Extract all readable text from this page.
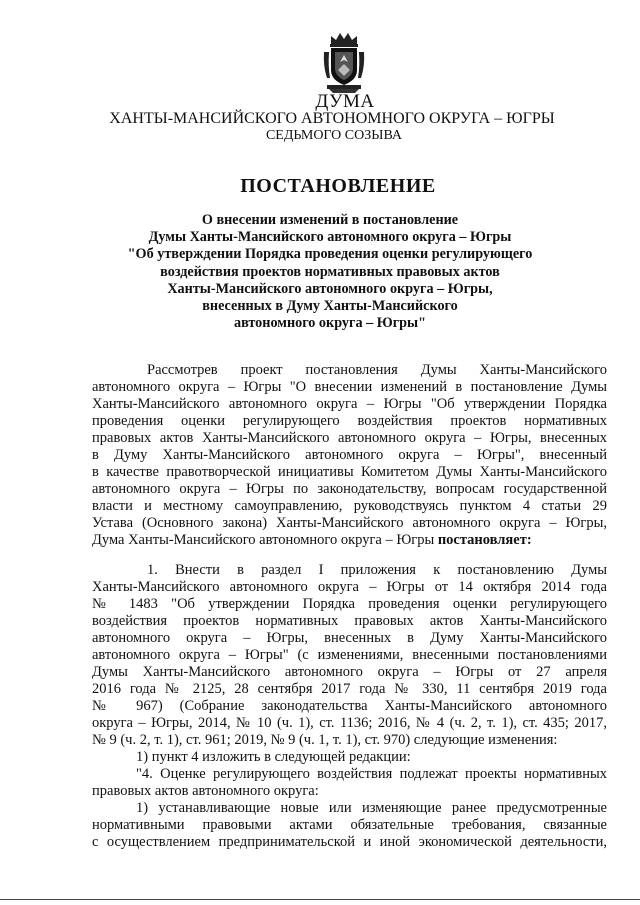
ДУМА
ХАНТЫ-МАНСИЙСКОГО АВТОНОМНОГО ОКРУГА – ЮГРЫ
СЕДЬМОГО СОЗЫВА
ПОСТАНОВЛЕНИЕ
О внесении изменений в постановление
Думы Ханты-Мансийского автономного округа – Югры
"Об утверждении Порядка проведения оценки регулирующего
воздействия проектов нормативных правовых актов
Ханты-Мансийского автономного округа – Югры,
внесенных в Думу Ханты-Мансийского
автономного округа – Югры"
Рассмотрев проект постановления Думы Ханты-Мансийского
автономного округа – Югры "О внесении изменений в постановление Думы
Ханты-Мансийского автономного округа – Югры "Об утверждении Порядка
проведения оценки регулирующего воздействия проектов нормативных
правовых актов Ханты-Мансийского автономного округа – Югры, внесенных
в Думу Ханты-Мансийского автономного округа – Югры", внесенный
в качестве правотворческой инициативы Комитетом Думы Ханты-Мансийского
автономного округа – Югры по законодательству, вопросам государственной
власти и местному самоуправлению, руководствуясь пунктом 4 статьи 29
Устава (Основного закона) Ханты-Мансийского автономного округа – Югры,
Дума Ханты-Мансийского автономного округа – Югры постановляет:
1. Внести в раздел I приложения к постановлению Думы
Ханты-Мансийского автономного округа – Югры от 14 октября 2014 года
№ 1483 "Об утверждении Порядка проведения оценки регулирующего
воздействия проектов нормативных правовых актов Ханты-Мансийского
автономного округа – Югры, внесенных в Думу Ханты-Мансийского
автономного округа – Югры" (с изменениями, внесенными постановлениями
Думы Ханты-Мансийского автономного округа – Югры от 27 апреля
2016 года № 2125, 28 сентября 2017 года № 330, 11 сентября 2019 года
№ 967) (Собрание законодательства Ханты-Мансийского автономного
округа – Югры, 2014, № 10 (ч. 1), ст. 1136; 2016, № 4 (ч. 2, т. 1), ст. 435; 2017,
№ 9 (ч. 2, т. 1), ст. 961; 2019, № 9 (ч. 1, т. 1), ст. 970) следующие изменения:
1) пункт 4 изложить в следующей редакции:
"4. Оценке регулирующего воздействия подлежат проекты нормативных
правовых актов автономного округа:
1) устанавливающие новые или изменяющие ранее предусмотренные
нормативными правовыми актами обязательные требования, связанные
с осуществлением предпринимательской и иной экономической деятельности,
